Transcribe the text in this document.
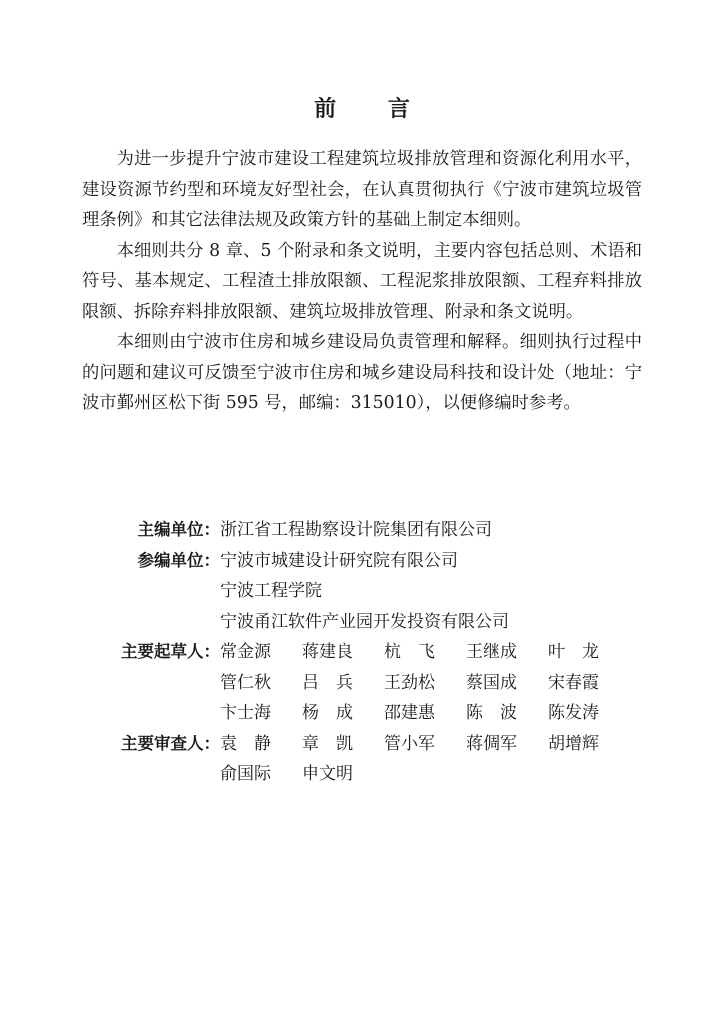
前 言

为进一步提升宁波市建设工程建筑垃圾排放管理和资源化利用水平，建设资源节约型和环境友好型社会，在认真贯彻执行《宁波市建筑垃圾管理条例》和其它法律法规及政策方针的基础上制定本细则。

本细则共分 8 章、5 个附录和条文说明，主要内容包括总则、术语和符号、基本规定、工程渣土排放限额、工程泥浆排放限额、工程弃料排放限额、拆除弃料排放限额、建筑垃圾排放管理、附录和条文说明。

本细则由宁波市住房和城乡建设局负责管理和解释。细则执行过程中的问题和建议可反馈至宁波市住房和城乡建设局科技和设计处（地址：宁波市鄞州区松下街 595 号，邮编：315010），以便修编时参考。

主编单位： 浙江省工程勘察设计院集团有限公司
参编单位： 宁波市城建设计研究院有限公司
宁波工程学院
宁波甬江软件产业园开发投资有限公司
主要起草人： 常金源	蒋建良	杭　飞	王继成	叶　龙
管仁秋	吕　兵	王劲松	蔡国成	宋春霞
卞士海	杨　成	邵建惠	陈　波	陈发涛
主要审查人： 袁　静	章　凯	管小军	蒋倜军	胡增辉
俞国际	申文明
